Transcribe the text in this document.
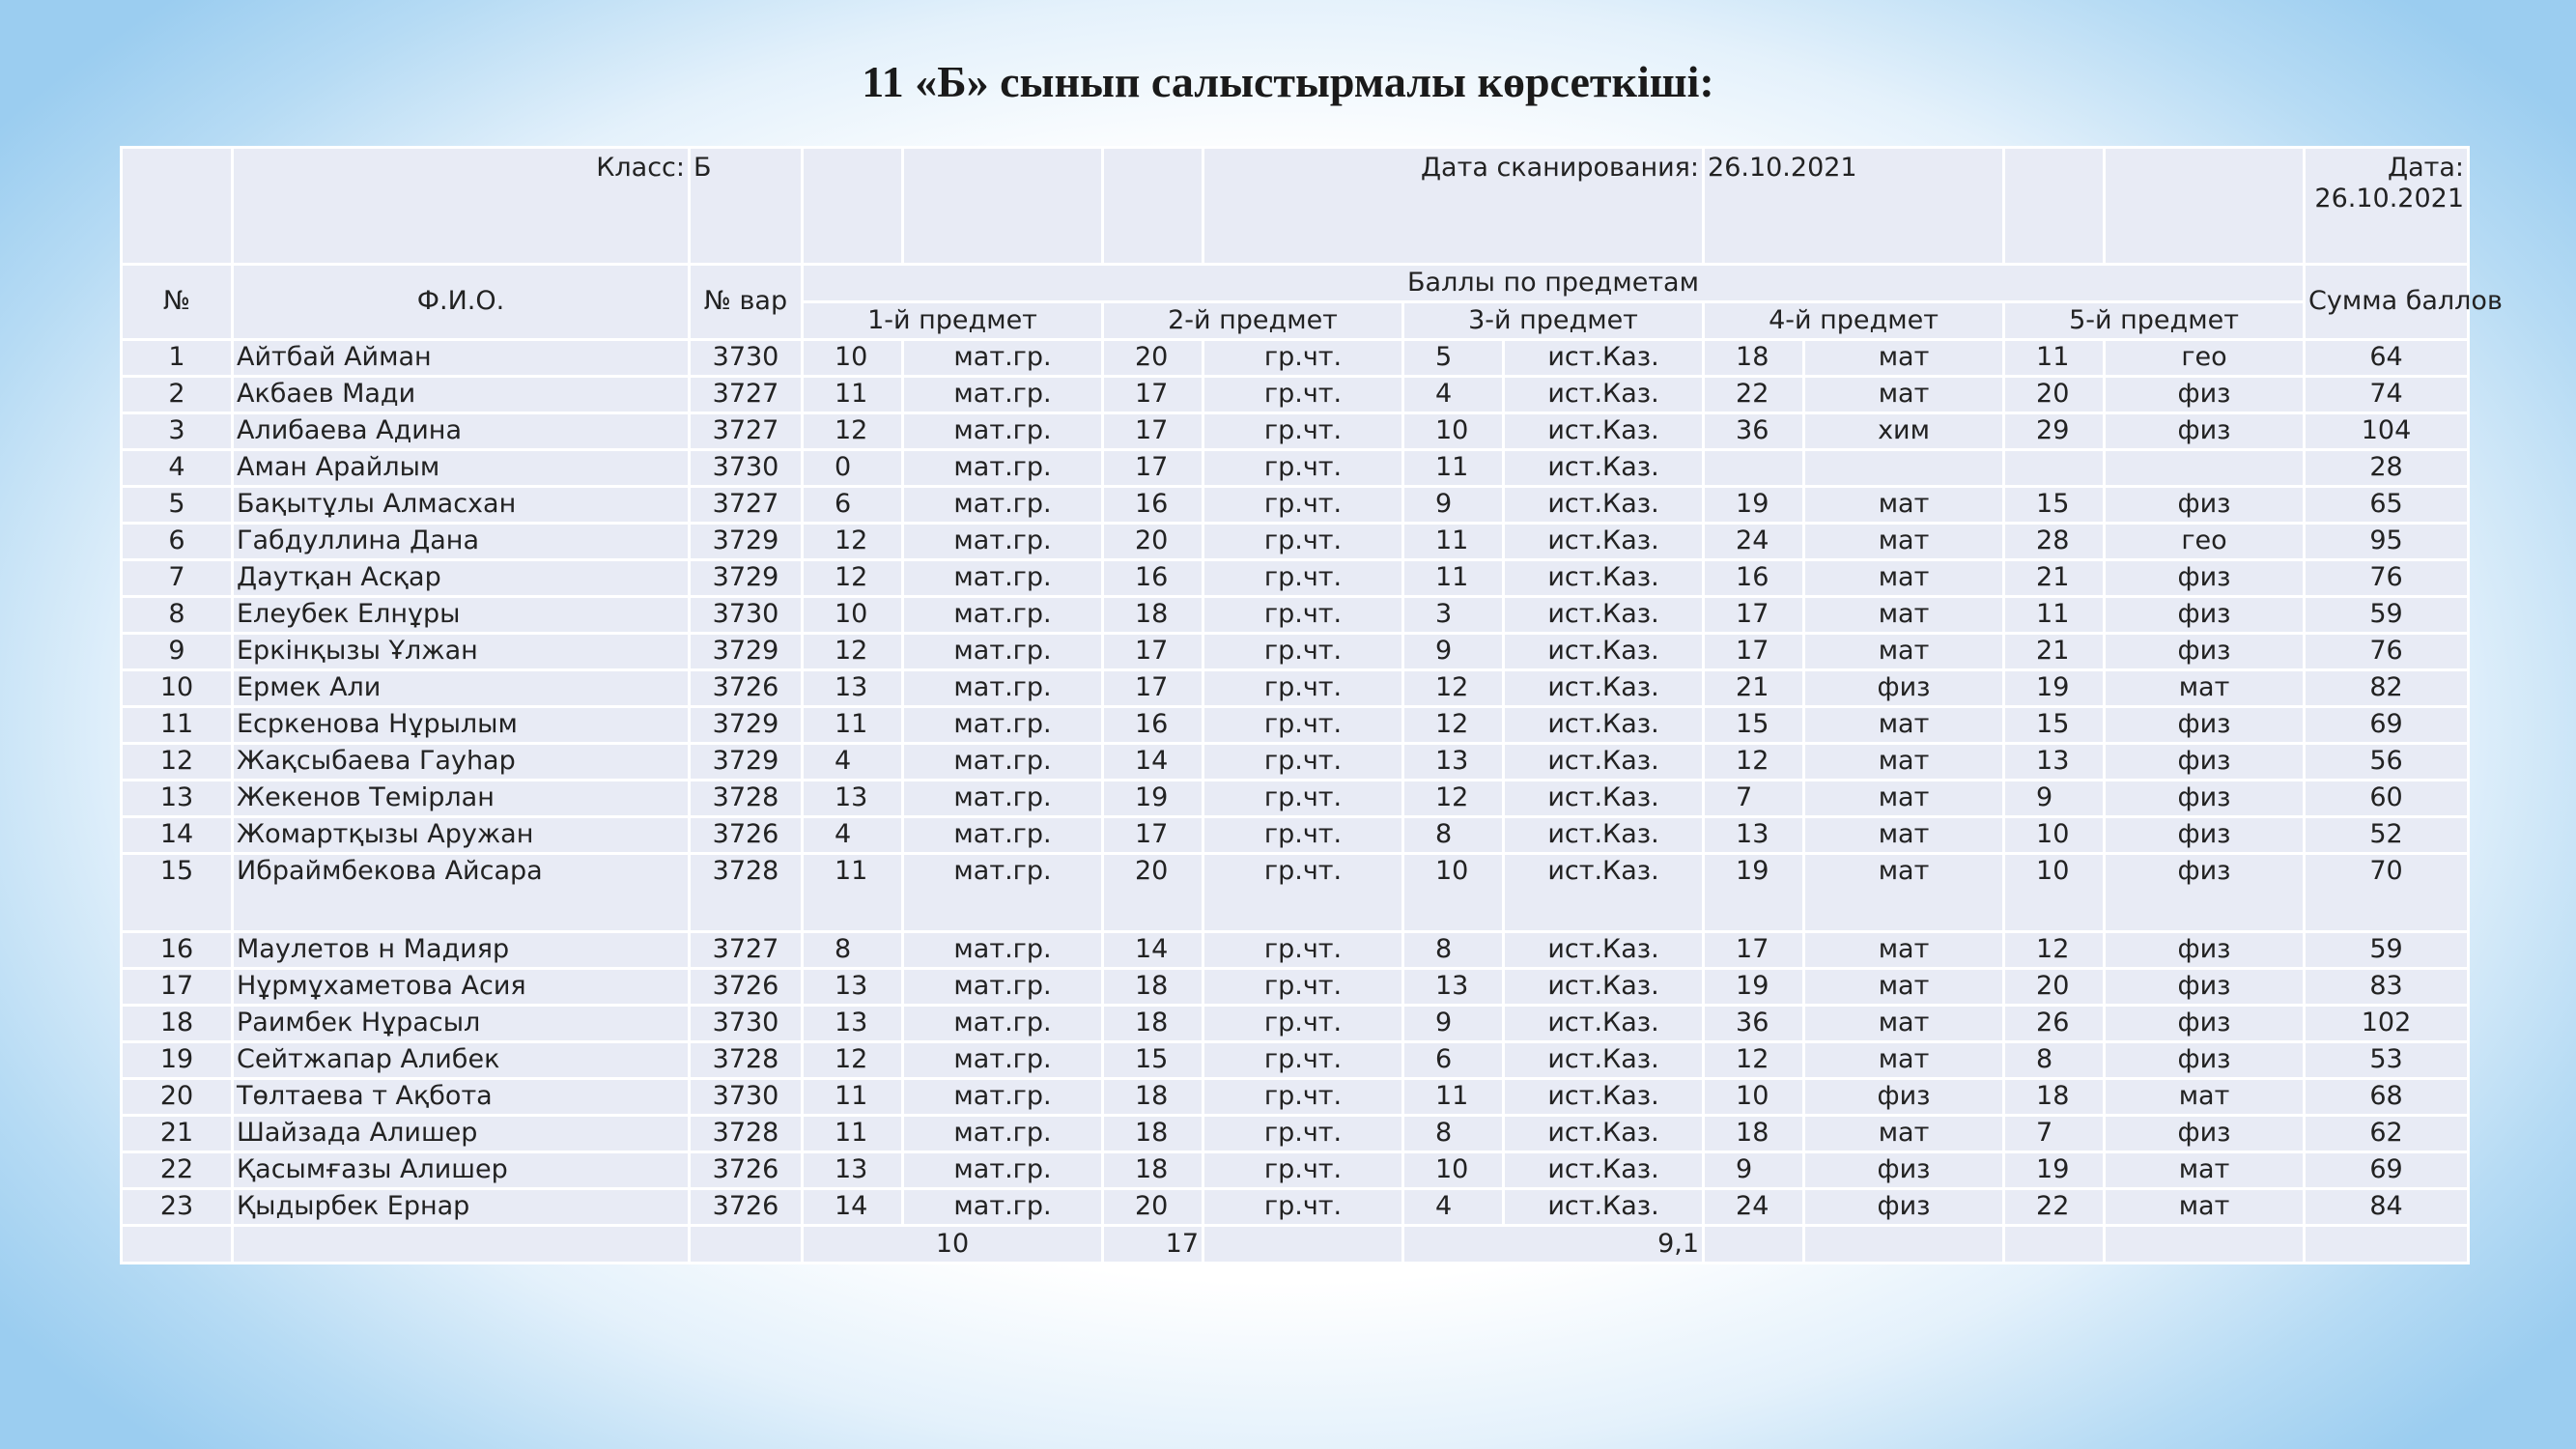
11 «Б» сынып салыстырмалы көрсеткіші:
	Класс:	Б				Дата сканирования:			26.10.2021				Дата:
26.10.2021	
№	Ф.И.О.	№ вар	Баллы по предметам										Сумма баллов	
			1-й предмет		2-й предмет		3-й предмет		4-й предмет		5-й предмет			
1	Айтбай Айман	3730	10	мат.гр.	20	гр.чт.	5	ист.Каз.	18	мат	11	гео	64	
2	Акбаев Мади	3727	11	мат.гр.	17	гр.чт.	4	ист.Каз.	22	мат	20	физ	74	
3	Алибаева Адина	3727	12	мат.гр.	17	гр.чт.	10	ист.Каз.	36	хим	29	физ	104	
4	Аман Арайлым	3730	0	мат.гр.	17	гр.чт.	11	ист.Каз.					28	
5	Бақытұлы Алмасхан	3727	6	мат.гр.	16	гр.чт.	9	ист.Каз.	19	мат	15	физ	65	
6	Габдуллина Дана	3729	12	мат.гр.	20	гр.чт.	11	ист.Каз.	24	мат	28	гео	95	
7	Даутқан Асқар	3729	12	мат.гр.	16	гр.чт.	11	ист.Каз.	16	мат	21	физ	76	
8	Елеубек Елнұры	3730	10	мат.гр.	18	гр.чт.	3	ист.Каз.	17	мат	11	физ	59	
9	Еркінқызы Ұлжан	3729	12	мат.гр.	17	гр.чт.	9	ист.Каз.	17	мат	21	физ	76	
10	Ермек Али	3726	13	мат.гр.	17	гр.чт.	12	ист.Каз.	21	физ	19	мат	82	
11	Есркенова Нұрылым	3729	11	мат.гр.	16	гр.чт.	12	ист.Каз.	15	мат	15	физ	69	
12	Жақсыбаева Гауһар	3729	4	мат.гр.	14	гр.чт.	13	ист.Каз.	12	мат	13	физ	56	
13	Жекенов Темірлан	3728	13	мат.гр.	19	гр.чт.	12	ист.Каз.	7	мат	9	физ	60	
14	Жомартқызы Аружан	3726	4	мат.гр.	17	гр.чт.	8	ист.Каз.	13	мат	10	физ	52	
15	Ибраймбекова Айсара	3728	11	мат.гр.	20	гр.чт.	10	ист.Каз.	19	мат	10	физ	70	
16	Маулетов н Мадияр	3727	8	мат.гр.	14	гр.чт.	8	ист.Каз.	17	мат	12	физ	59	
17	Нұрмұхаметова Асия	3726	13	мат.гр.	18	гр.чт.	13	ист.Каз.	19	мат	20	физ	83	
18	Раимбек Нұрасыл	3730	13	мат.гр.	18	гр.чт.	9	ист.Каз.	36	мат	26	физ	102	
19	Сейтжапар Алибек	3728	12	мат.гр.	15	гр.чт.	6	ист.Каз.	12	мат	8	физ	53	
20	Төлтаева т Ақбота	3730	11	мат.гр.	18	гр.чт.	11	ист.Каз.	10	физ	18	мат	68	
21	Шайзада Алишер	3728	11	мат.гр.	18	гр.чт.	8	ист.Каз.	18	мат	7	физ	62	
22	Қасымғазы Алишер	3726	13	мат.гр.	18	гр.чт.	10	ист.Каз.	9	физ	19	мат	69	
23	Қыдырбек Ернар	3726	14	мат.гр.	20	гр.чт.	4	ист.Каз.	24	физ	22	мат	84	
			10		17		9,1						
